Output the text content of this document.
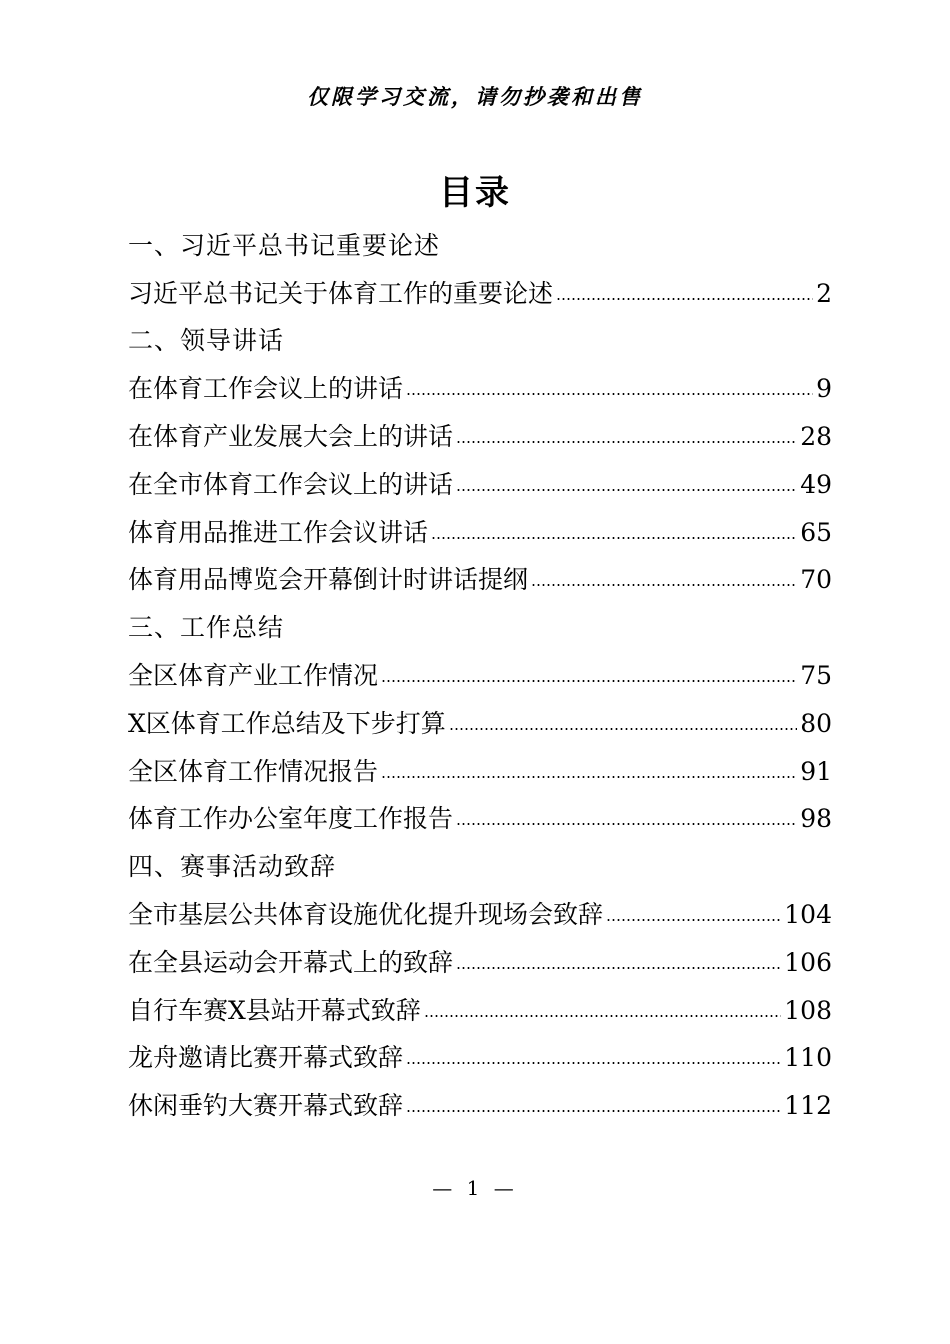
仅限学习交流，请勿抄袭和出售
目录
一、习近平总书记重要论述
习近平总书记关于体育工作的重要论述	2
二、领导讲话
在体育工作会议上的讲话	9
在体育产业发展大会上的讲话	28
在全市体育工作会议上的讲话	49
体育用品推进工作会议讲话	65
体育用品博览会开幕倒计时讲话提纲	70
三、工作总结
全区体育产业工作情况	75
X区体育工作总结及下步打算	80
全区体育工作情况报告	91
体育工作办公室年度工作报告	98
四、赛事活动致辞
全市基层公共体育设施优化提升现场会致辞	104
在全县运动会开幕式上的致辞	106
自行车赛X县站开幕式致辞	108
龙舟邀请比赛开幕式致辞	110
休闲垂钓大赛开幕式致辞	112
— 1 —
